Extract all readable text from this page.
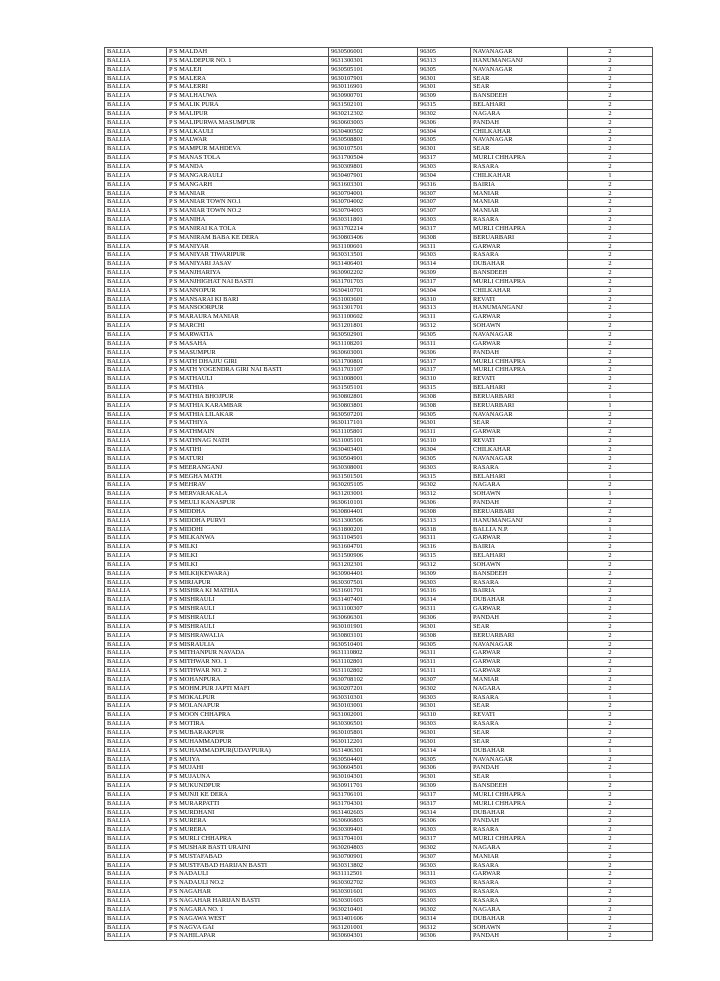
BALLIA	P S MALDAH	9630506001	96305	NAVANAGAR	2
BALLIA	P S MALDEPUR NO. 1	9631300301	96313	HANUMANGANJ	2
BALLIA	P S MALEJI	9630505101	96305	NAVANAGAR	2
BALLIA	P S MALERA	9630107901	96301	SEAR	2
BALLIA	P S MALERRI	9630116901	96301	SEAR	2
BALLIA	P S MALHAUWA	9630900701	96309	BANSDEEH	2
BALLIA	P S MALIK PURA	9631502101	96315	BELAHARI	2
BALLIA	P S MALIPUR	9630212302	96302	NAGARA	2
BALLIA	P S MALIPURWA MASUMPUR	9630603003	96306	PANDAH	2
BALLIA	P S MALKAULI	9630400502	96304	CHILKAHAR	2
BALLIA	P S MALWAR	9630508801	96305	NAVANAGAR	2
BALLIA	P S MAMPUR MAHDEVA	9630107501	96301	SEAR	2
BALLIA	P S MANAS TOLA	9631700504	96317	MURLI CHHAPRA	2
BALLIA	P S MANDA	9630309801	96303	RASARA	2
BALLIA	P S MANGARAULI	9630407901	96304	CHILKAHAR	1
BALLIA	P S MANGARH	9631603301	96316	BAIRIA	2
BALLIA	P S MANIAR	9630704001	96307	MANIAR	2
BALLIA	P S MANIAR TOWN NO.1	9630704002	96307	MANIAR	2
BALLIA	P S MANIAR TOWN NO.2	9630704003	96307	MANIAR	2
BALLIA	P S MANIHA	9630311801	96303	RASARA	2
BALLIA	P S MANIRAI KA TOLA	9631702214	96317	MURLI CHHAPRA	2
BALLIA	P S MANIRAM BABA KE DERA	9630803406	96308	BERUARBARI	2
BALLIA	P S MANIYAR	9631100601	96311	GARWAR	2
BALLIA	P S MANIYAR TIWARIPUR	9630313501	96303	RASARA	2
BALLIA	P S MANIYARI JASAV	9631406401	96314	DUBAHAR	2
BALLIA	P S MANJHARIYA	9630902202	96309	BANSDEEH	2
BALLIA	P S MANJHIGHAT NAI BASTI	9631701703	96317	MURLI CHHAPRA	2
BALLIA	P S MANNOPUR	9630410701	96304	CHILKAHAR	2
BALLIA	P S MANSARAI KI BARI	9631003601	96310	REVATI	2
BALLIA	P S MANSOORPUR	9631301701	96313	HANUMANGANJ	2
BALLIA	P S MARAURA MANIAR	9631100602	96311	GARWAR	2
BALLIA	P S MARCHI	9631201801	96312	SOHAWN	2
BALLIA	P S MARWATIA	9630502901	96305	NAVANAGAR	2
BALLIA	P S MASAHA	9631108201	96311	GARWAR	2
BALLIA	P S MASUMPUR	9630603001	96306	PANDAH	2
BALLIA	P S MATH DHAJJU GIRI	9631700801	96317	MURLI CHHAPRA	2
BALLIA	P S MATH YOGENDRA GIRI NAI BASTI	9631703107	96317	MURLI CHHAPRA	2
BALLIA	P S MATHAULI	9631008001	96310	REVATI	2
BALLIA	P S MATHIA	9631505101	96315	BELAHARI	2
BALLIA	P S MATHIA BHOJPUR	9630802801	96308	BERUARBARI	1
BALLIA	P S MATHIA KARAMBAR	9630803801	96308	BERUARBARI	1
BALLIA	P S MATHIA LILAKAR	9630507201	96305	NAVANAGAR	2
BALLIA	P S MATHIYA	9630117101	96301	SEAR	2
BALLIA	P S MATHMAIN	9631105801	96311	GARWAR	2
BALLIA	P S MATHNAG NATH	9631005101	96310	REVATI	2
BALLIA	P S MATIHI	9630403401	96304	CHILKAHAR	2
BALLIA	P S MATURI	9630504901	96305	NAVANAGAR	2
BALLIA	P S MEERANGANJ	9630308001	96303	RASARA	2
BALLIA	P S MEGHA MATH	9631501501	96315	BELAHARI	1
BALLIA	P S MEHRAV	9630205105	96302	NAGARA	2
BALLIA	P S MERVARAKALA	9631203001	96312	SOHAWN	1
BALLIA	P S MEULI KANASPUR	9630610101	96306	PANDAH	2
BALLIA	P S MIDDHA	9630804401	96308	BERUARBARI	2
BALLIA	P S MIDDHA PURVI	9631300506	96313	HANUMANGANJ	2
BALLIA	P S MIDDHI	9631800201	96318	BALLIA N.P.	1
BALLIA	P S MILKANWA	9631104501	96311	GARWAR	2
BALLIA	P S MILKI	9631604701	96316	BAIRIA	2
BALLIA	P S MILKI	9631500906	96315	BELAHARI	2
BALLIA	P S MILKI	9631202301	96312	SOHAWN	2
BALLIA	P S MILKI(KEWARA)	9630904401	96309	BANSDEEH	2
BALLIA	P S MIRJAPUR	9630307501	96303	RASARA	2
BALLIA	P S MISHRA KI MATHIA	9631601701	96316	BAIRIA	2
BALLIA	P S MISHRAULI	9631407401	96314	DUBAHAR	2
BALLIA	P S MISHRAULI	9631100307	96311	GARWAR	2
BALLIA	P S MISHRAULI	9630606301	96306	PANDAH	2
BALLIA	P S MISHRAULI	9630101901	96301	SEAR	2
BALLIA	P S MISHRAWALIA	9630803101	96308	BERUARBARI	2
BALLIA	P S MISRAULIA	9630510401	96305	NAVANAGAR	2
BALLIA	P S MITHANPUR NAVADA	9631110802	96311	GARWAR	2
BALLIA	P S MITHWAR NO. 1	9631102801	96311	GARWAR	2
BALLIA	P S MITHWAR NO. 2	9631102802	96311	GARWAR	2
BALLIA	P S MOHANPURA	9630708102	96307	MANIAR	2
BALLIA	P S MOHM.PUR JAPTI MAFI	9630207201	96302	NAGARA	2
BALLIA	P S MOKALPUR	9630310301	96303	RASARA	1
BALLIA	P S MOLANAPUR	9630103001	96301	SEAR	2
BALLIA	P S MOON CHHAPRA	9631002001	96310	REVATI	2
BALLIA	P S MOTIRA	9630306501	96303	RASARA	2
BALLIA	P S MUBARAKPUR	9630105801	96301	SEAR	2
BALLIA	P S MUHAMMADPUR	9630112201	96301	SEAR	2
BALLIA	P S MUHAMMADPUR(UDAYPURA)	9631406301	96314	DUBAHAR	1
BALLIA	P S MUIYA	9630504401	96305	NAVANAGAR	2
BALLIA	P S MUJAHI	9630604501	96306	PANDAH	2
BALLIA	P S MUJAUNA	9630104301	96301	SEAR	1
BALLIA	P S MUKUNDPUR	9630911701	96309	BANSDEEH	2
BALLIA	P S MUNJI KE DERA	9631706101	96317	MURLI CHHAPRA	2
BALLIA	P S MURARPATTI	9631704301	96317	MURLI CHHAPRA	2
BALLIA	P S MURDHANI	9631402603	96314	DUBAHAR	2
BALLIA	P S MURERA	9630606803	96306	PANDAH	2
BALLIA	P S MURERA	9630309401	96303	RASARA	2
BALLIA	P S MURLI CHHAPRA	9631704101	96317	MURLI CHHAPRA	2
BALLIA	P S MUSHAR BASTI URAINI	9630204803	96302	NAGARA	2
BALLIA	P S MUSTAFABAD	9630700901	96307	MANIAR	2
BALLIA	P S MUSTFABAD HARIJAN BASTI	9630313802	96303	RASARA	2
BALLIA	P S NADAULI	9631112501	96311	GARWAR	2
BALLIA	P S NADAULI NO.2	9630302702	96303	RASARA	2
BALLIA	P S NAGAHAR	9630301601	96303	RASARA	2
BALLIA	P S NAGAHAR HARIJAN BASTI	9630301603	96303	RASARA	2
BALLIA	P S NAGARA NO. 1	9630210401	96302	NAGARA	2
BALLIA	P S NAGAWA WEST	9631401606	96314	DUBAHAR	2
BALLIA	P S NAGVA GAI	9631201001	96312	SOHAWN	2
BALLIA	P S NAHILAPAR	9630604301	96306	PANDAH	2
